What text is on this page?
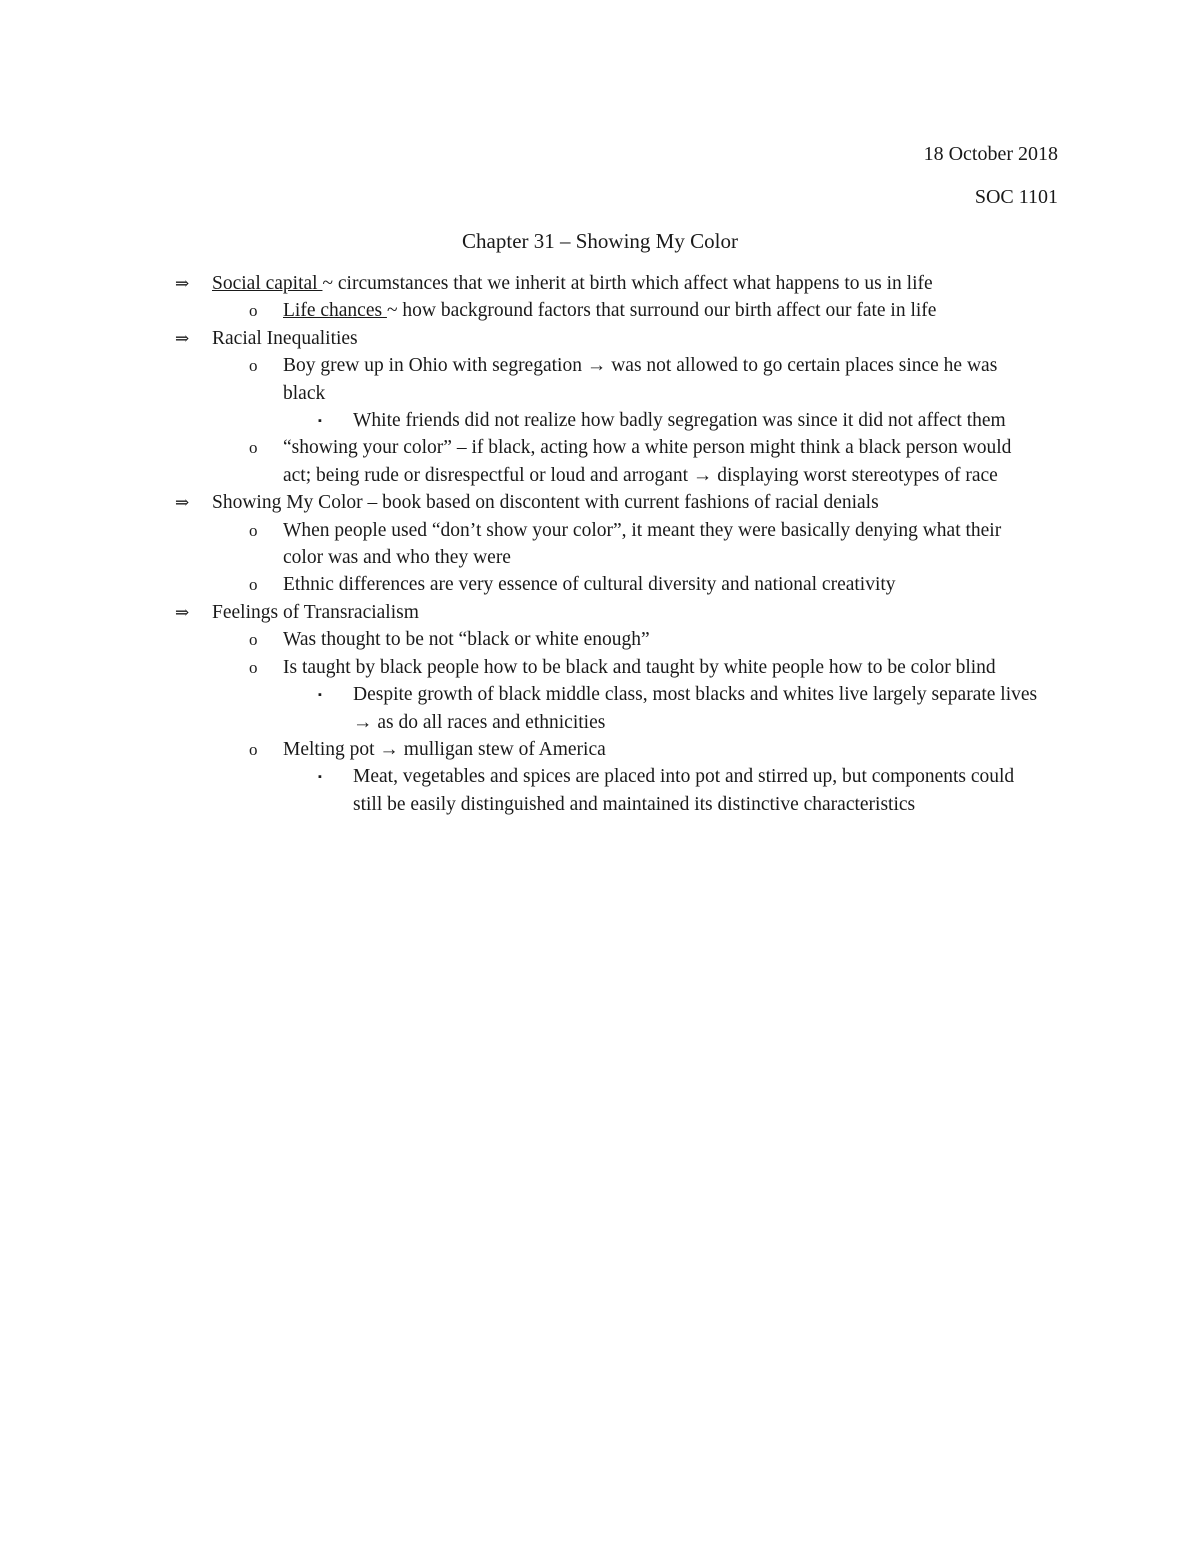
18 October 2018
SOC 1101
Chapter 31 – Showing My Color
⇒ Social capital ~ circumstances that we inherit at birth which affect what happens to us in life
o Life chances ~ how background factors that surround our birth affect our fate in life
⇒ Racial Inequalities
o Boy grew up in Ohio with segregation → was not allowed to go certain places since he was black
▪ White friends did not realize how badly segregation was since it did not affect them
o “showing your color” – if black, acting how a white person might think a black person would act; being rude or disrespectful or loud and arrogant → displaying worst stereotypes of race
⇒ Showing My Color – book based on discontent with current fashions of racial denials
o When people used “don’t show your color”, it meant they were basically denying what their color was and who they were
o Ethnic differences are very essence of cultural diversity and national creativity
⇒ Feelings of Transracialism
o Was thought to be not “black or white enough”
o Is taught by black people how to be black and taught by white people how to be color blind
▪ Despite growth of black middle class, most blacks and whites live largely separate lives → as do all races and ethnicities
o Melting pot → mulligan stew of America
▪ Meat, vegetables and spices are placed into pot and stirred up, but components could still be easily distinguished and maintained its distinctive characteristics
